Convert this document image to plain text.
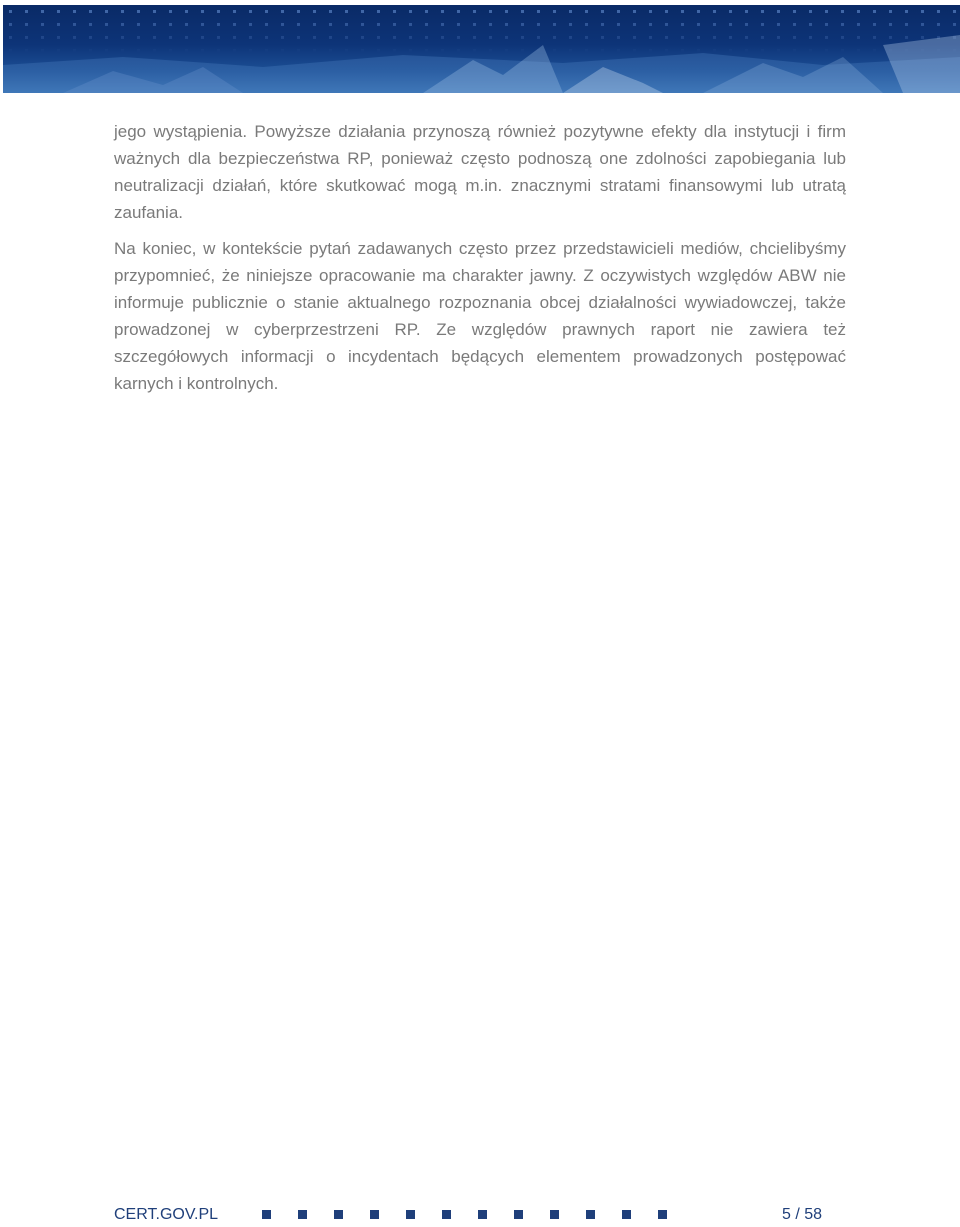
jego wystąpienia. Powyższe działania przynoszą również pozytywne efekty dla instytucji i firm ważnych dla bezpieczeństwa RP, ponieważ często podnoszą one zdolności zapobiegania lub neutralizacji działań, które skutkować mogą m.in. znacznymi stratami finansowymi lub utratą zaufania.

Na koniec, w kontekście pytań zadawanych często przez przedstawicieli mediów, chcielibyśmy przypomnieć, że niniejsze opracowanie ma charakter jawny. Z oczywistych względów ABW nie informuje publicznie o stanie aktualnego rozpoznania obcej działalności wywiadowczej, także prowadzonej w cyberprzestrzeni RP. Ze względów prawnych raport nie zawiera też szczegółowych informacji o incydentach będących elementem prowadzonych postępować karnych i kontrolnych.

CERT.GOV.PL	5 / 58
